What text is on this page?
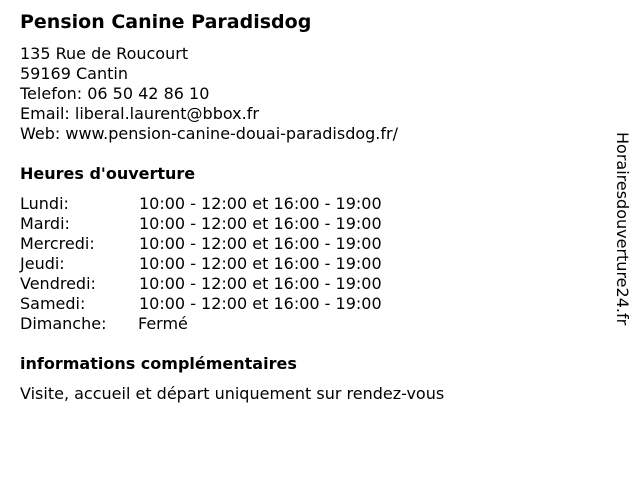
Pension Canine Paradisdog
135 Rue de Roucourt
59169 Cantin
Telefon: 06 50 42 86 10
Email: liberal.laurent@bbox.fr
Web: www.pension-canine-douai-paradisdog.fr/
Heures d'ouverture
Lundi:	10:00 - 12:00 et 16:00 - 19:00
Mardi:	10:00 - 12:00 et 16:00 - 19:00
Mercredi:	10:00 - 12:00 et 16:00 - 19:00
Jeudi:	10:00 - 12:00 et 16:00 - 19:00
Vendredi:	10:00 - 12:00 et 16:00 - 19:00
Samedi:	10:00 - 12:00 et 16:00 - 19:00
Dimanche: Fermé
informations complémentaires
Visite, accueil et départ uniquement sur rendez-vous
Horairesdouverture24.fr
